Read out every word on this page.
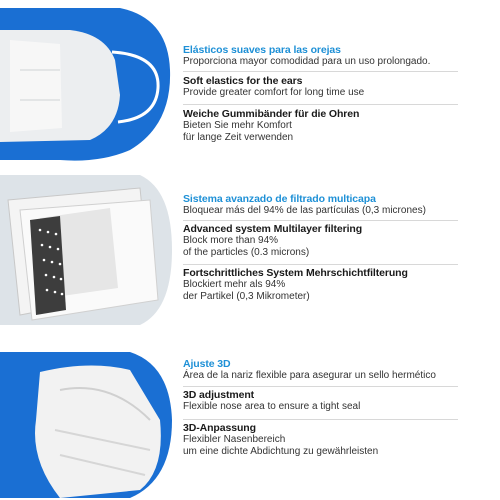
Elásticos suaves para las orejas
Proporciona mayor comodidad para un uso prolongado.
Soft elastics for the ears
Provide greater comfort for long time use
Weiche Gummibänder für die Ohren
Bieten Sie mehr Komfort
für lange Zeit verwenden
Sistema avanzado de filtrado multicapa
Bloquear más del 94% de las partículas (0,3 micrones)
Advanced system Multilayer filtering
Block more than 94%
of the particles (0.3 microns)
Fortschrittliches System Mehrschichtfilterung
Blockiert mehr als 94%
der Partikel (0,3 Mikrometer)
Ajuste 3D
Área de la nariz flexible para asegurar un sello hermético
3D adjustment
Flexible nose area to ensure a tight seal
3D-Anpassung
Flexibler Nasenbereich
um eine dichte Abdichtung zu gewährleisten
